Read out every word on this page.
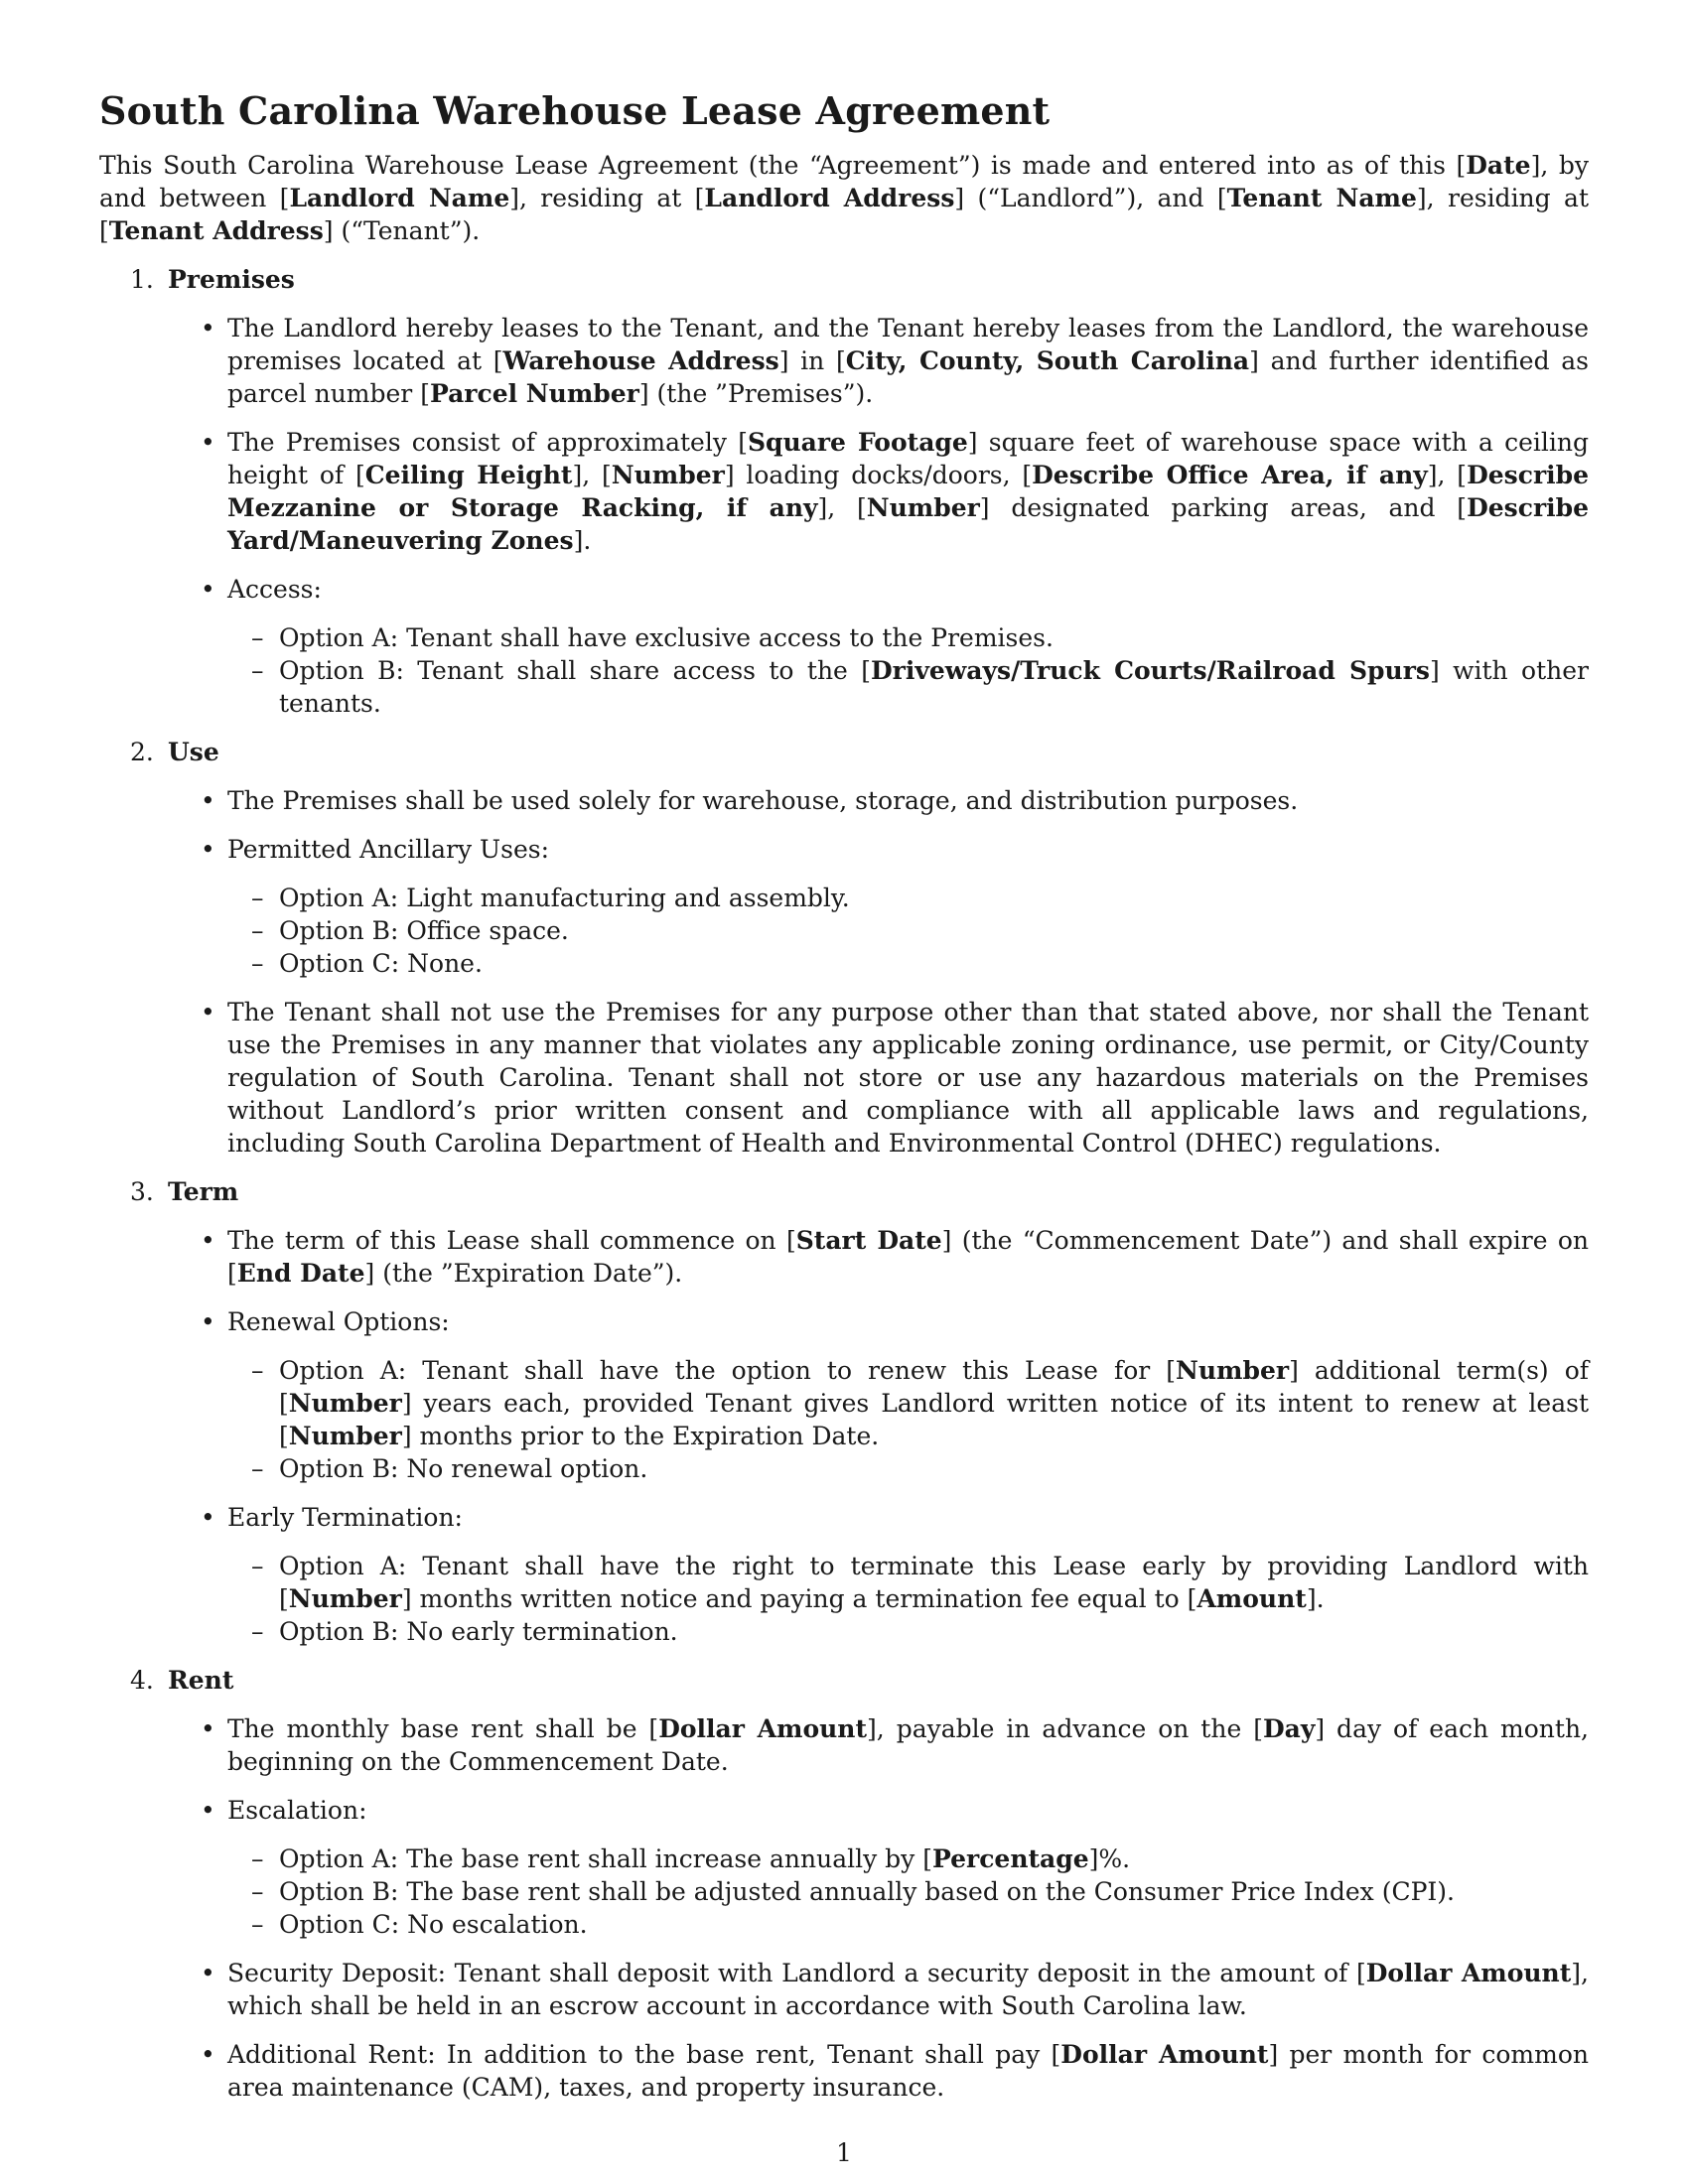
South Carolina Warehouse Lease Agreement

This South Carolina Warehouse Lease Agreement (the “Agreement”) is made and entered into as of this [Date], by and between [Landlord Name], residing at [Landlord Address] (“Landlord”), and [Tenant Name], residing at [Tenant Address] (“Tenant”).

1. Premises
• The Landlord hereby leases to the Tenant, and the Tenant hereby leases from the Landlord, the warehouse premises located at [Warehouse Address] in [City, County, South Carolina] and further identified as parcel number [Parcel Number] (the ”Premises”).
• The Premises consist of approximately [Square Footage] square feet of warehouse space with a ceiling height of [Ceiling Height], [Number] loading docks/doors, [Describe Office Area, if any], [Describe Mezzanine or Storage Racking, if any], [Number] designated parking areas, and [Describe Yard/Maneuvering Zones].
• Access:
– Option A: Tenant shall have exclusive access to the Premises.
– Option B: Tenant shall share access to the [Driveways/Truck Courts/Railroad Spurs] with other tenants.
2. Use
• The Premises shall be used solely for warehouse, storage, and distribution purposes.
• Permitted Ancillary Uses:
– Option A: Light manufacturing and assembly.
– Option B: Office space.
– Option C: None.
• The Tenant shall not use the Premises for any purpose other than that stated above, nor shall the Tenant use the Premises in any manner that violates any applicable zoning ordinance, use permit, or City/County regulation of South Carolina. Tenant shall not store or use any hazardous materials on the Premises without Landlord’s prior written consent and compliance with all applicable laws and regulations, including South Carolina Department of Health and Environmental Control (DHEC) regulations.
3. Term
• The term of this Lease shall commence on [Start Date] (the “Commencement Date”) and shall expire on [End Date] (the ”Expiration Date”).
• Renewal Options:
– Option A: Tenant shall have the option to renew this Lease for [Number] additional term(s) of [Number] years each, provided Tenant gives Landlord written notice of its intent to renew at least [Number] months prior to the Expiration Date.
– Option B: No renewal option.
• Early Termination:
– Option A: Tenant shall have the right to terminate this Lease early by providing Landlord with [Number] months written notice and paying a termination fee equal to [Amount].
– Option B: No early termination.
4. Rent
• The monthly base rent shall be [Dollar Amount], payable in advance on the [Day] day of each month, beginning on the Commencement Date.
• Escalation:
– Option A: The base rent shall increase annually by [Percentage]%.
– Option B: The base rent shall be adjusted annually based on the Consumer Price Index (CPI).
– Option C: No escalation.
• Security Deposit: Tenant shall deposit with Landlord a security deposit in the amount of [Dollar Amount], which shall be held in an escrow account in accordance with South Carolina law.
• Additional Rent: In addition to the base rent, Tenant shall pay [Dollar Amount] per month for common area maintenance (CAM), taxes, and property insurance.
1
